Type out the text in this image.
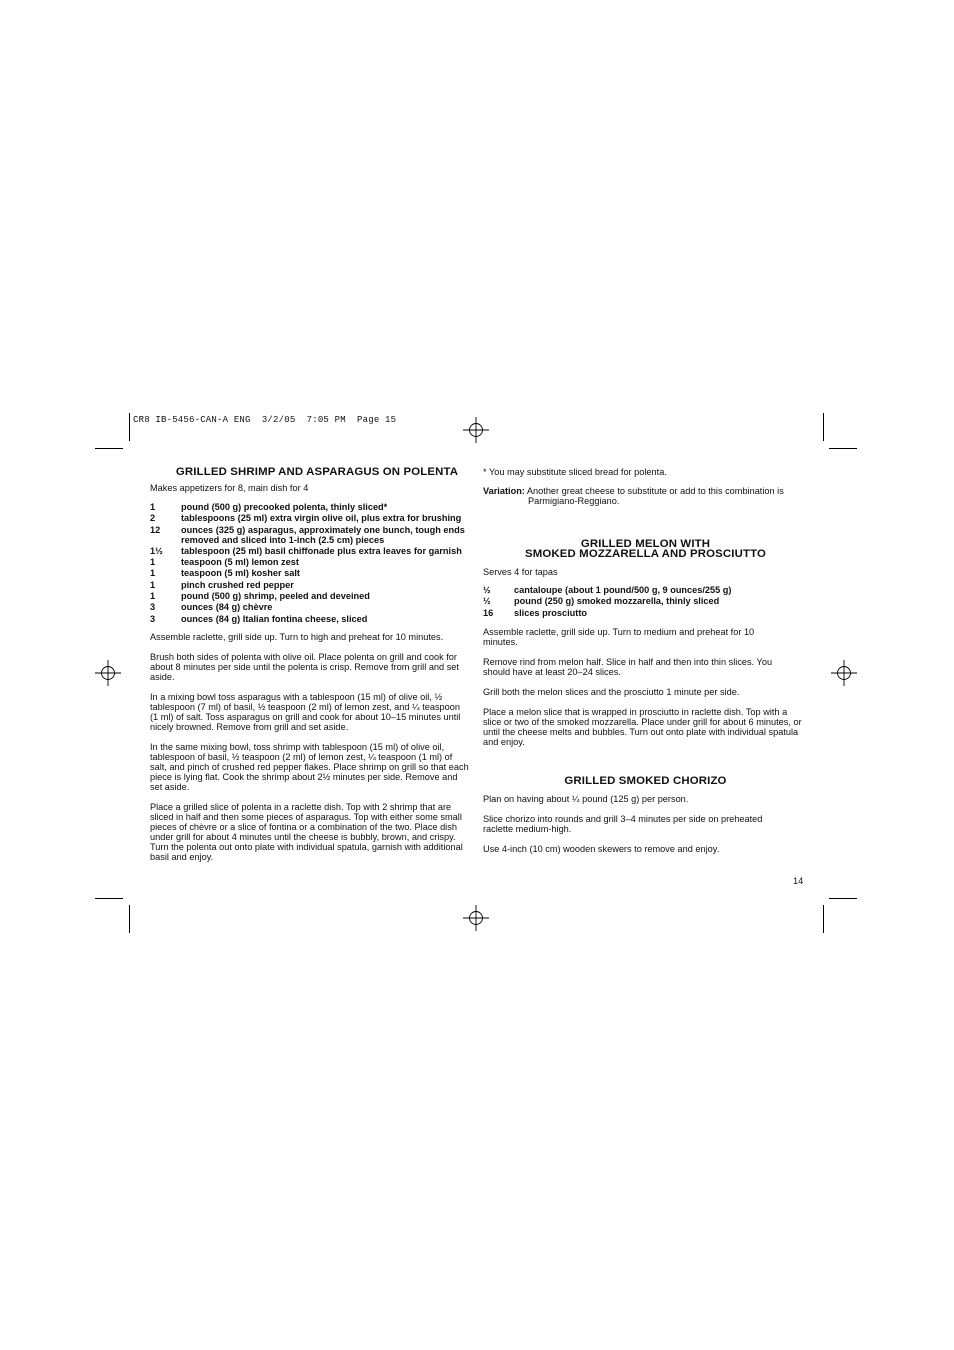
CR8 IB-5456-CAN-A ENG  3/2/05  7:05 PM  Page 15
GRILLED SHRIMP AND ASPARAGUS ON POLENTA

Makes appetizers for 8, main dish for 4

1	pound (500 g) precooked polenta, thinly sliced*
2	tablespoons (25 ml) extra virgin olive oil, plus extra for brushing
12	ounces (325 g) asparagus, approximately one bunch, tough ends removed and sliced into 1-inch (2.5 cm) pieces
1½	tablespoon (25 ml) basil chiffonade plus extra leaves for garnish
1	teaspoon (5 ml) lemon zest
1	teaspoon (5 ml) kosher salt
1	pinch crushed red pepper
1	pound (500 g) shrimp, peeled and deveined
3	ounces (84 g) chèvre
3	ounces (84 g) Italian fontina cheese, sliced

Assemble raclette, grill side up. Turn to high and preheat for 10 minutes.

Brush both sides of polenta with olive oil. Place polenta on grill and cook for about 8 minutes per side until the polenta is crisp. Remove from grill and set aside.

In a mixing bowl toss asparagus with a tablespoon (15 ml) of olive oil, ½ tablespoon (7 ml) of basil, ½ teaspoon (2 ml) of lemon zest, and ¼ teaspoon (1 ml) of salt. Toss asparagus on grill and cook for about 10–15 minutes until nicely browned. Remove from grill and set aside.

In the same mixing bowl, toss shrimp with tablespoon (15 ml) of olive oil, tablespoon of basil, ½ teaspoon (2 ml) of lemon zest, ¼ teaspoon (1 ml) of salt, and pinch of crushed red pepper flakes. Place shrimp on grill so that each piece is lying flat. Cook the shrimp about 2½ minutes per side. Remove and set aside.

Place a grilled slice of polenta in a raclette dish. Top with 2 shrimp that are sliced in half and then some pieces of asparagus. Top with either some small pieces of chèvre or a slice of fontina or a combination of the two. Place dish under grill for about 4 minutes until the cheese is bubbly, brown, and crispy. Turn the polenta out onto plate with individual spatula, garnish with additional basil and enjoy.

* You may substitute sliced bread for polenta.

Variation: Another great cheese to substitute or add to this combination is

Parmigiano-Reggiano.

GRILLED MELON WITH
SMOKED MOZZARELLA AND PROSCIUTTO

Serves 4 for tapas

½	cantaloupe (about 1 pound/500 g, 9 ounces/255 g)
½	pound (250 g) smoked mozzarella, thinly sliced
16	slices prosciutto

Assemble raclette, grill side up. Turn to medium and preheat for 10 minutes.

Remove rind from melon half. Slice in half and then into thin slices. You should have at least 20–24 slices.

Grill both the melon slices and the prosciutto 1 minute per side.

Place a melon slice that is wrapped in prosciutto in raclette dish. Top with a slice or two of the smoked mozzarella. Place under grill for about 6 minutes, or until the cheese melts and bubbles. Turn out onto plate with individual spatula and enjoy.

GRILLED SMOKED CHORIZO

Plan on having about ¼ pound (125 g) per person.

Slice chorizo into rounds and grill 3–4 minutes per side on preheated raclette medium-high.

Use 4-inch (10 cm) wooden skewers to remove and enjoy.

14
